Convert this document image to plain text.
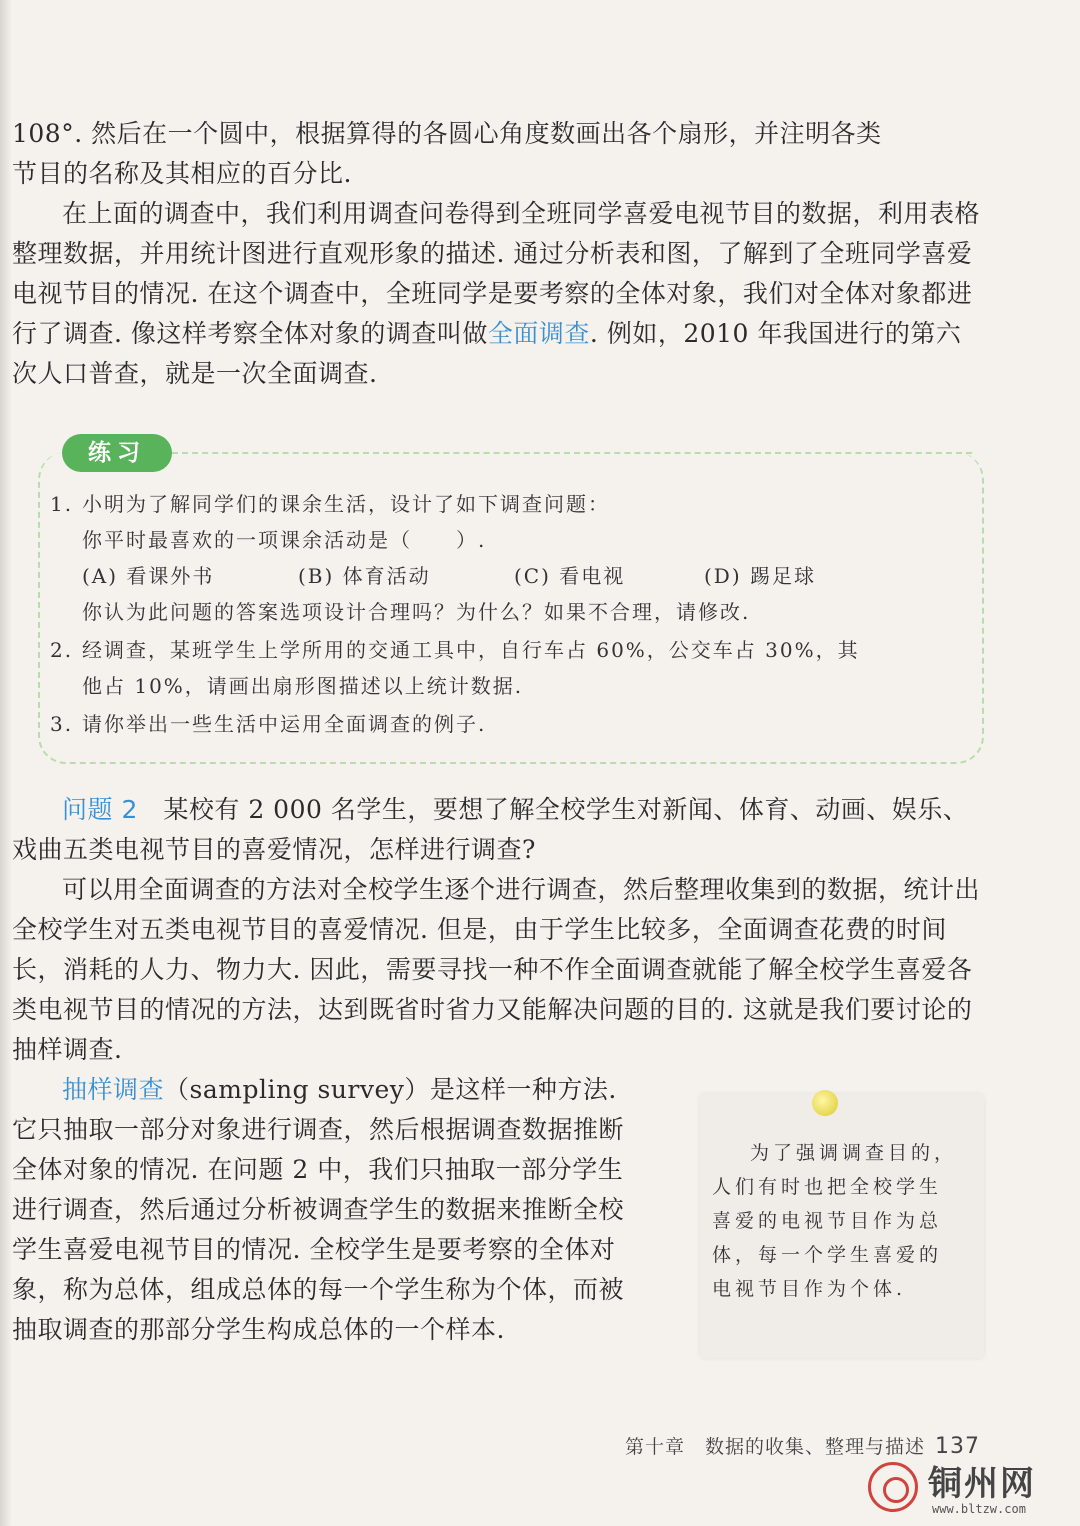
108°. 然后在一个圆中，根据算得的各圆心角度数画出各个扇形，并注明各类

节目的名称及其相应的百分比.

在上面的调查中，我们利用调查问卷得到全班同学喜爱电视节目的数据，利用表格整理数据，并用统计图进行直观形象的描述. 通过分析表和图，了解到了全班同学喜爱电视节目的情况. 在这个调查中，全班同学是要考察的全体对象，我们对全体对象都进行了调查. 像这样考察全体对象的调查叫做全面调查. 例如，2010 年我国进行的第六次人口普查，就是一次全面调查.

练习
1. 小明为了解同学们的课余生活，设计了如下调查问题：
你平时最喜欢的一项课余活动是（　　）.
(A) 看课外书	(B) 体育活动	(C) 看电视	(D) 踢足球
你认为此问题的答案选项设计合理吗？为什么？如果不合理，请修改.
2. 经调查，某班学生上学所用的交通工具中，自行车占 60%，公交车占 30%，其
他占 10%，请画出扇形图描述以上统计数据.
3. 请你举出一些生活中运用全面调查的例子.

问题 2　 某校有 2 000 名学生，要想了解全校学生对新闻、体育、动画、娱乐、戏曲五类电视节目的喜爱情况，怎样进行调查?

可以用全面调查的方法对全校学生逐个进行调查，然后整理收集到的数据，统计出全校学生对五类电视节目的喜爱情况. 但是，由于学生比较多，全面调查花费的时间长，消耗的人力、物力大. 因此，需要寻找一种不作全面调查就能了解全校学生喜爱各类电视节目的情况的方法，达到既省时省力又能解决问题的目的. 这就是我们要讨论的抽样调查.

抽样调查（sampling survey）是这样一种方法. 它只抽取一部分对象进行调查，然后根据调查数据推断全体对象的情况. 在问题 2 中，我们只抽取一部分学生进行调查，然后通过分析被调查学生的数据来推断全校学生喜爱电视节目的情况. 全校学生是要考察的全体对象，称为总体，组成总体的每一个学生称为个体，而被抽取调查的那部分学生构成总体的一个样本.

为了强调调查目的，人们有时也把全校学生喜爱的电视节目作为总体，每一个学生喜爱的电视节目作为个体.
第十章　数据的收集、整理与描述 137
铜州网
www.bltzw.com
